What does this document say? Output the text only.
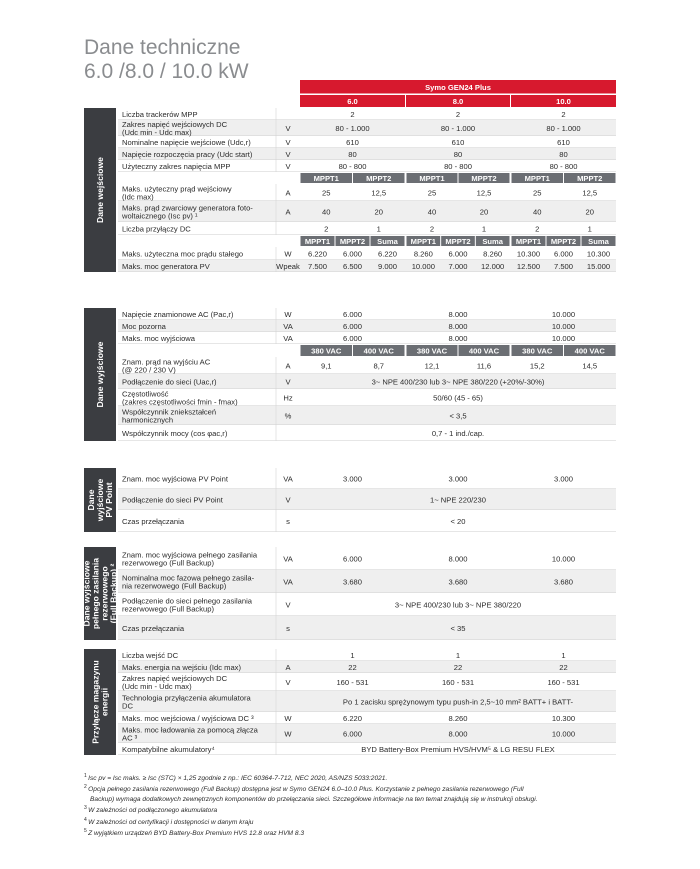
Dane techniczne
6.0 /8.0 / 10.0 kW
Symo GEN24 Plus
6.0	8.0	10.0
Dane wejściowe
Liczba trackerów MPP	2	2	2
Zakres napięć wejściowych DC
(Udc min - Udc max)	V	80 - 1.000	80 - 1.000	80 - 1.000
Nominalne napięcie wejściowe (Udc,r)	V	610	610	610
Napięcie rozpoczęcia pracy (Udc start)	V	80	80	80
Użyteczny zakres napięcia MPP	V	80 - 800	80 - 800	80 - 800
MPPT1	MPPT2	MPPT1	MPPT2	MPPT1	MPPT2
Maks. użyteczny prąd wejściowy
(Idc max)	A	25	12,5	25	12,5	25	12,5
Maks. prąd zwarciowy generatora foto-
woltaicznego (Isc pv) ¹	A	40	20	40	20	40	20
Liczba przyłączy DC	2	1	2	1	2	1
MPPT1 MPPT2 Suma MPPT1 MPPT2 Suma MPPT1 MPPT2 Suma
Maks. użyteczna moc prądu stałego	W 6.220 6.000 6.220 8.260 6.000 8.260 10.300 6.000 10.300
Maks. moc generatora PV	Wpeak 7.500 6.500 9.000 10.000 7.000 12.000 12.500 7.500 15.000
Dane wyjściowe
Napięcie znamionowe AC (Pac,r)	W	6.000	8.000	10.000
Moc pozorna	VA	6.000	8.000	10.000
Maks. moc wyjściowa	VA	6.000	8.000	10.000
380 VAC	400 VAC	380 VAC	400 VAC	380 VAC	400 VAC
Znam. prąd na wyjściu AC
(@ 220 / 230 V)	A	9,1	8,7	12,1	11,6	15,2	14,5
Podłączenie do sieci (Uac,r)	V	3~ NPE 400/230 lub 3~ NPE 380/220 (+20%/-30%)
Częstotliwość
(zakres częstotliwości fmin - fmax)	Hz	50/60 (45 - 65)
Współczynnik zniekształceń
harmonicznych	%	< 3,5
Współczynnik mocy (cos φac,r)	0,7 - 1 ind./cap.
Dane wyjściowe PV Point
Znam. moc wyjściowa PV Point	VA	3.000	3.000	3.000
Podłączenie do sieci PV Point	V	1~ NPE 220/230
Czas przełączania	s	< 20
Dane wyjściowe pełnego zasilania rezerwowego (Full Backup) ²
Znam. moc wyjściowa pełnego zasilania
rezerwowego (Full Backup)	VA	6.000	8.000	10.000
Nominalna moc fazowa pełnego zasila-
nia rezerwowego (Full Backup)	VA	3.680	3.680	3.680
Podłączenie do sieci pełnego zasilania
rezerwowego (Full Backup)	V	3~ NPE 400/230 lub 3~ NPE 380/220
Czas przełączania	s	< 35
Przyłącze magazynu energii
Liczba wejść DC	1	1	1
Maks. energia na wejściu (Idc max)	A	22	22	22
Zakres napięć wejściowych DC
(Udc min - Udc max)	V	160 - 531	160 - 531	160 - 531
Technologia przyłączenia akumulatora
DC	Po 1 zacisku sprężynowym typu push-in 2,5~10 mm² BATT+ i BATT-
Maks. moc wejściowa / wyjściowa DC ³	W	6.220	8.260	10.300
Maks. moc ładowania za pomocą złącza
AC ³	W	6.000	8.000	10.000
Kompatybilne akumulatory⁴	BYD Battery-Box Premium HVS/HVM⁵ & LG RESU FLEX
$^1$ Isc pv = Isc maks. ≥ Isc (STC) × 1,25 zgodnie z np.: IEC 60364-7-712, NEC 2020, AS/NZS 5033:2021.
$^2$ Opcja pełnego zasilania rezerwowego (Full Backup) dostępna jest w Symo GEN24 6.0–10.0 Plus. Korzystanie z pełnego zasilania rezerwowego (Full
Backup) wymaga dodatkowych zewnętrznych komponentów do przełączania sieci. Szczegółowe informacje na ten temat znajdują się w instrukcji obsługi.
$^3$ W zależności od podłączonego akumulatora
$^4$ W zależności od certyfikacji i dostępności w danym kraju
$^5$ Z wyjątkiem urządzeń BYD Battery-Box Premium HVS 12.8 oraz HVM 8.3
